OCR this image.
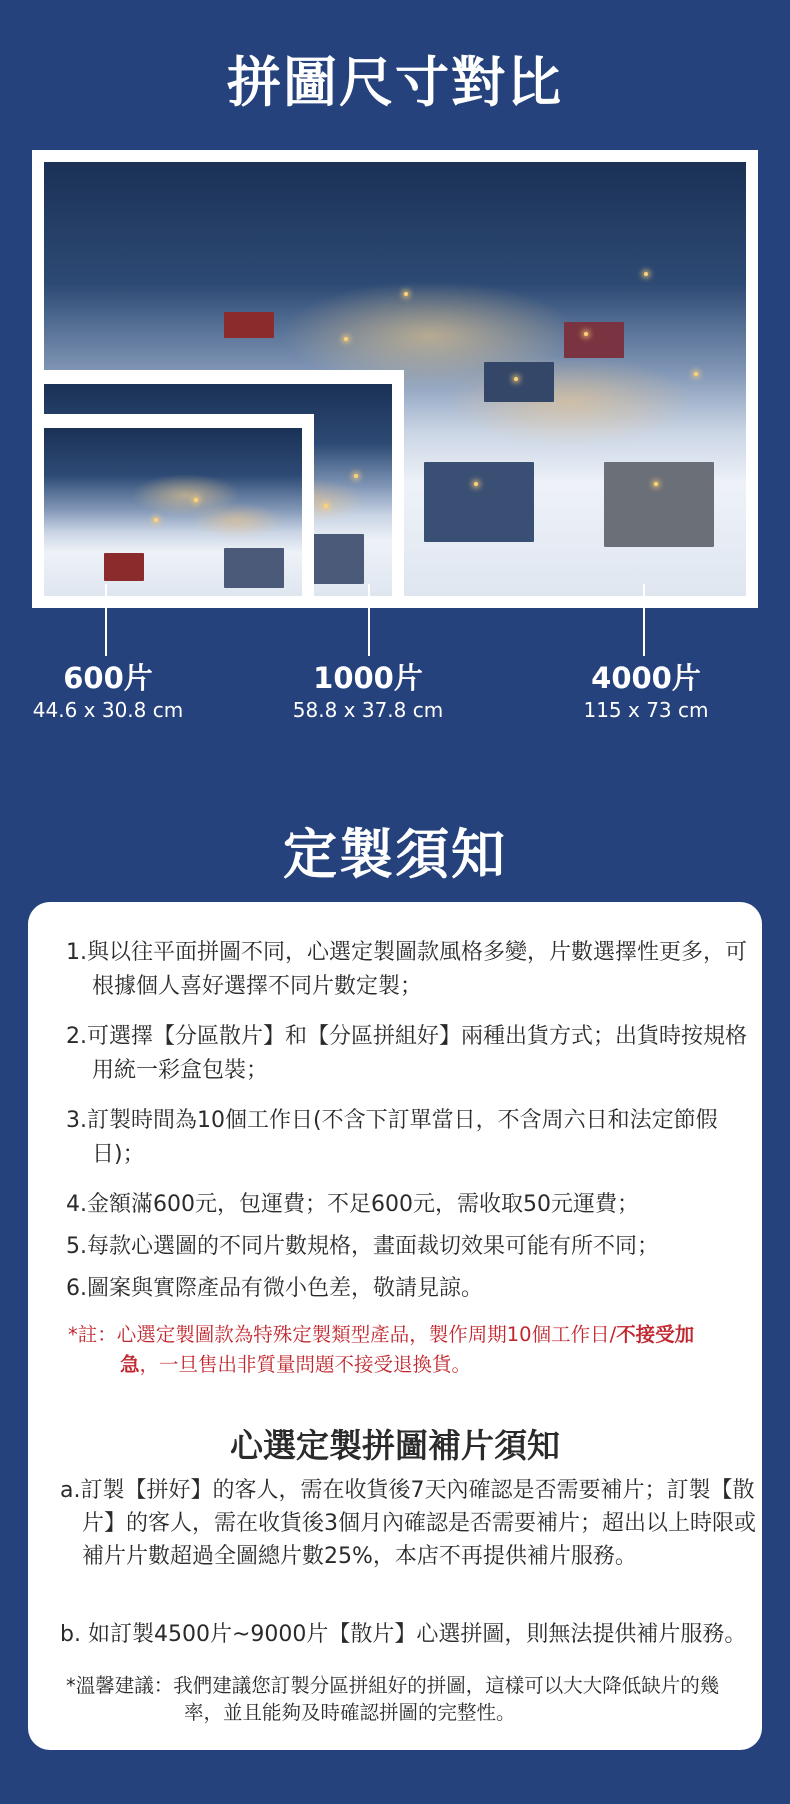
拼圖尺寸對比
600片
44.6 x 30.8 cm
1000片
58.8 x 37.8 cm
4000片
115 x 73 cm
定製須知
1.與以往平面拼圖不同，心選定製圖款風格多變，片數選擇性更多，可根據個人喜好選擇不同片數定製；
2.可選擇【分區散片】和【分區拼組好】兩種出貨方式；出貨時按規格用統一彩盒包裝；
3.訂製時間為10個工作日(不含下訂單當日，不含周六日和法定節假日)；
4.金額滿600元，包運費；不足600元，需收取50元運費；
5.每款心選圖的不同片數規格，畫面裁切效果可能有所不同；
6.圖案與實際產品有微小色差，敬請見諒。
*註：心選定製圖款為特殊定製類型產品，製作周期10個工作日/不接受加急，一旦售出非質量問題不接受退換貨。
心選定製拼圖補片須知
a.訂製【拼好】的客人，需在收貨後7天內確認是否需要補片；訂製【散片】的客人，需在收貨後3個月內確認是否需要補片；超出以上時限或補片片數超過全圖總片數25%，本店不再提供補片服務。
b. 如訂製4500片~9000片【散片】心選拼圖，則無法提供補片服務。
*溫馨建議：我們建議您訂製分區拼組好的拼圖，這樣可以大大降低缺片的幾率，並且能夠及時確認拼圖的完整性。
